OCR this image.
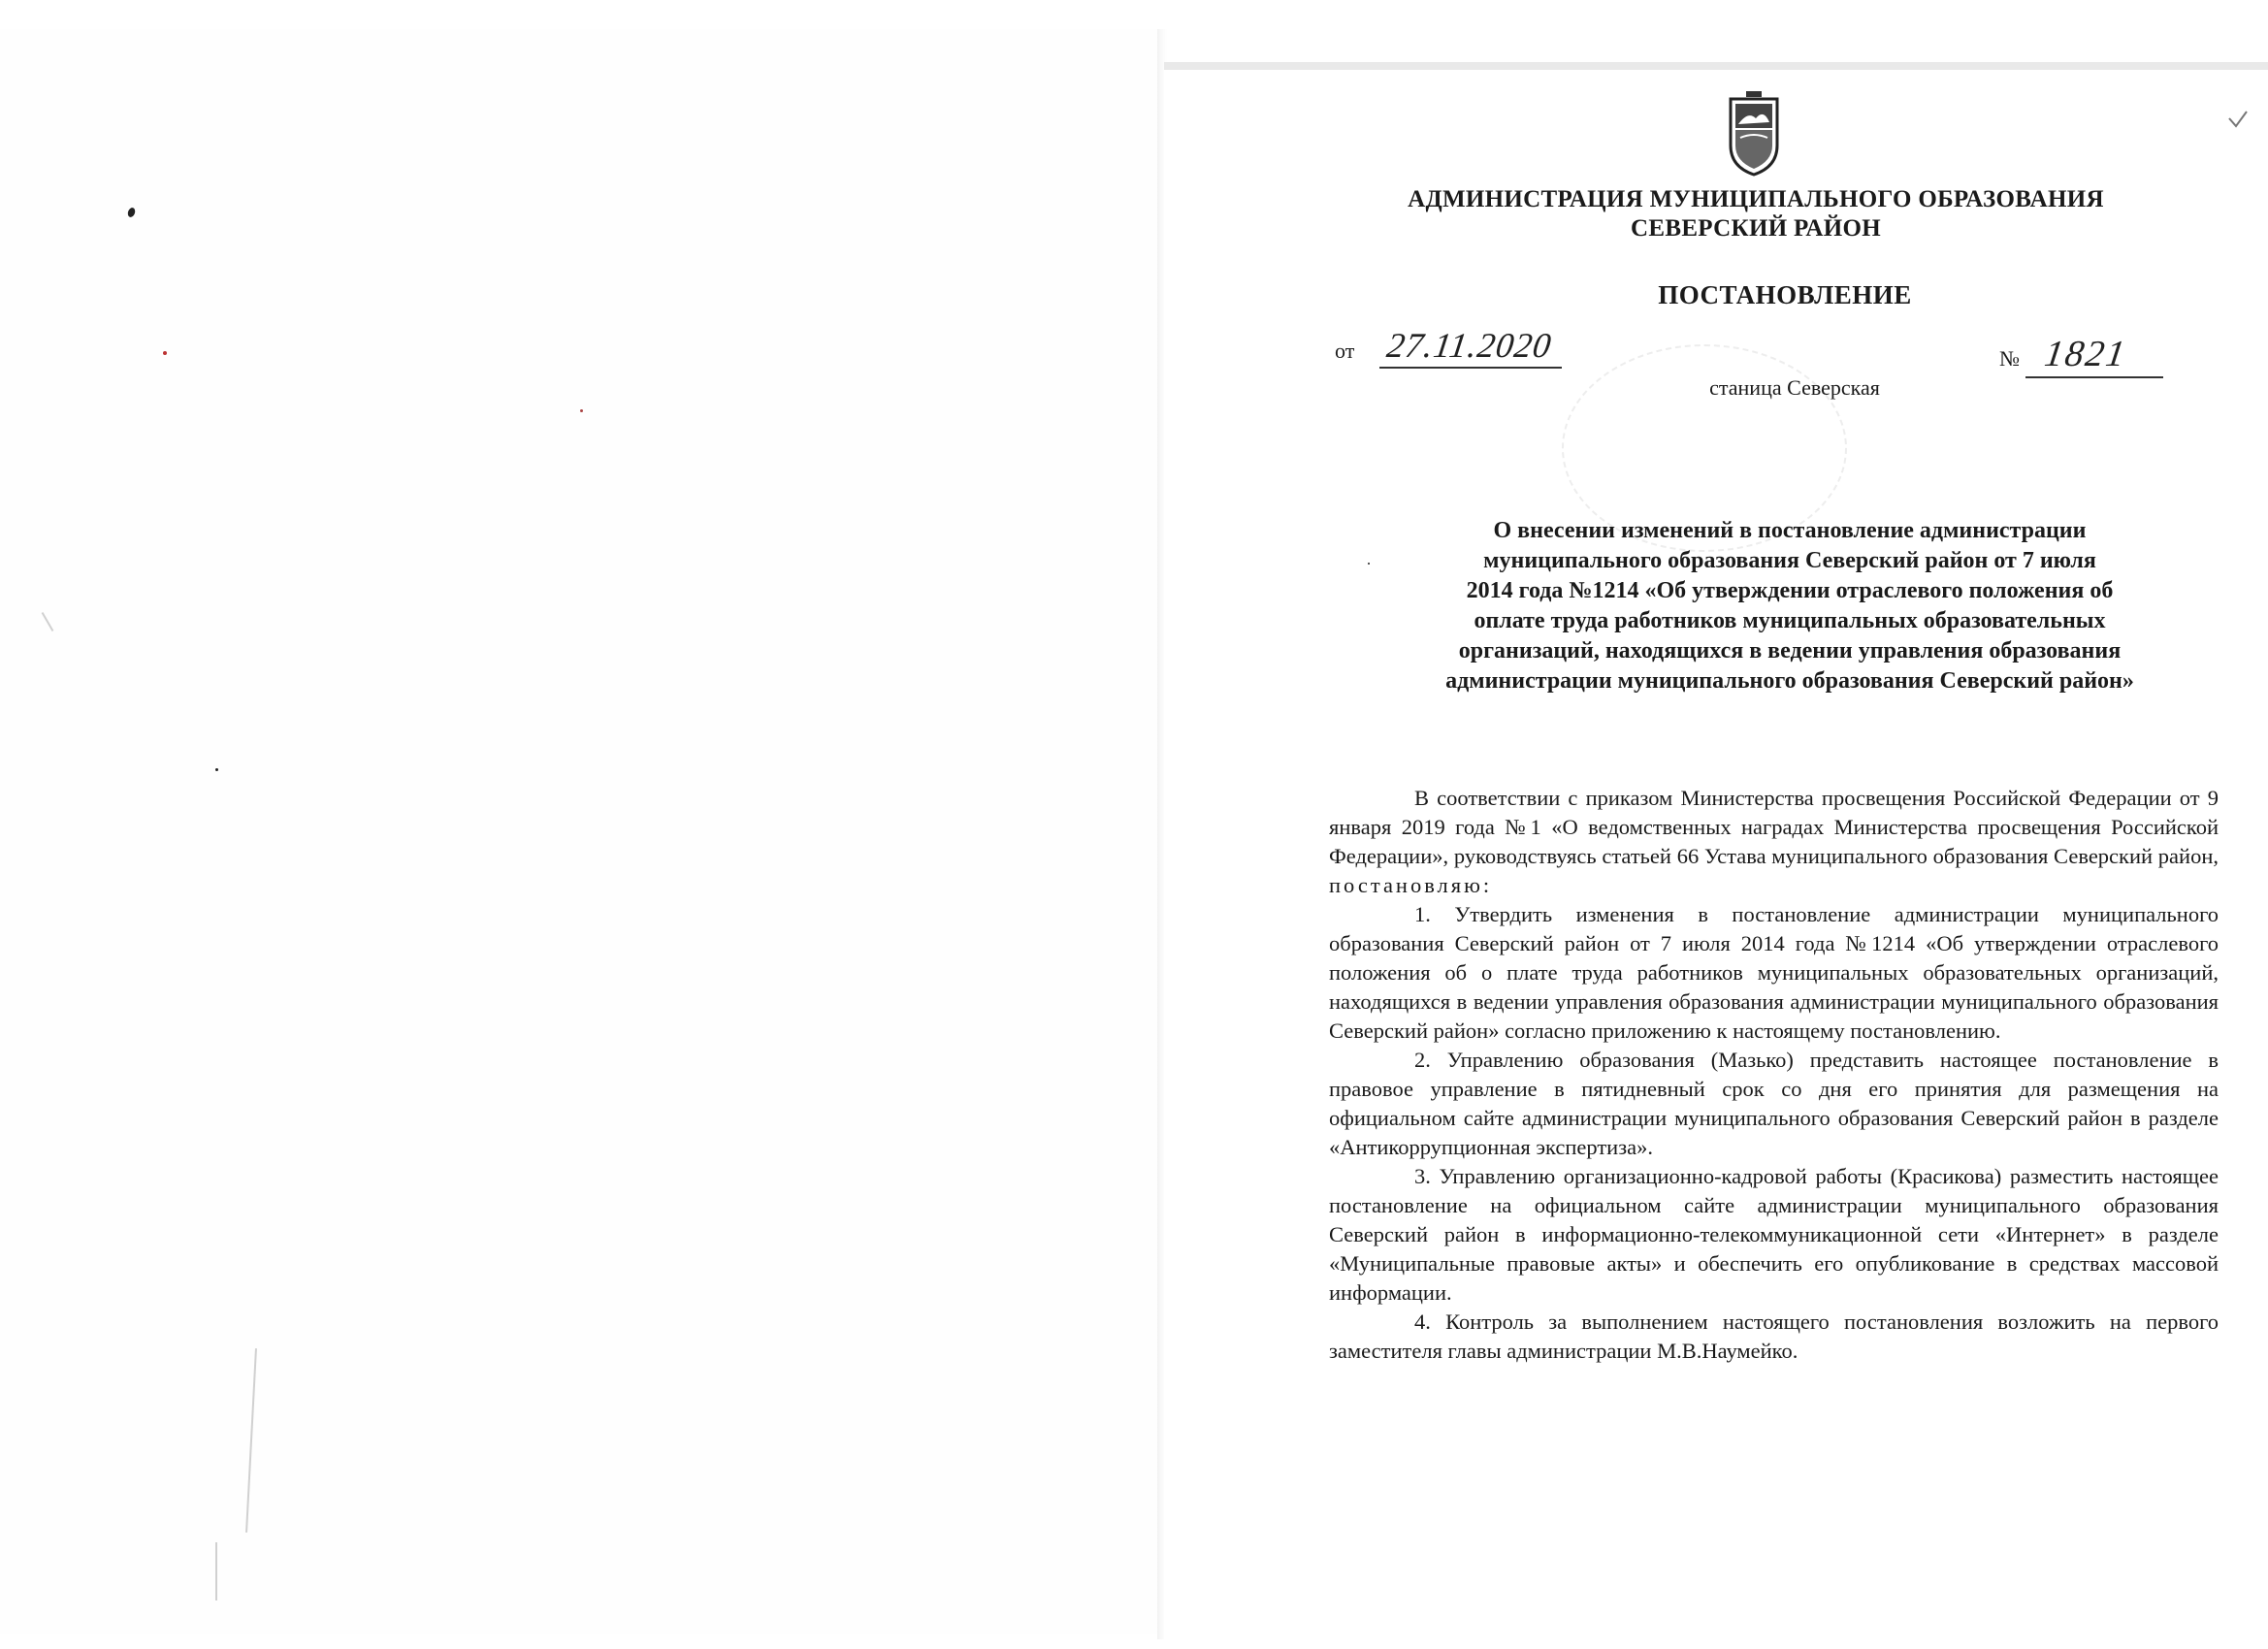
АДМИНИСТРАЦИЯ МУНИЦИПАЛЬНОГО ОБРАЗОВАНИЯ
СЕВЕРСКИЙ РАЙОН
ПОСТАНОВЛЕНИЕ
от 27.11.2020	№ 1821
станица Северская
О внесении изменений в постановление администрации
муниципального образования Северский район от 7 июля
2014 года №1214 «Об утверждении отраслевого положения об
оплате труда работников муниципальных образовательных
организаций, находящихся в ведении управления образования
администрации муниципального образования Северский район»

В соответствии с приказом Министерства просвещения Российской Федерации от 9 января 2019 года №1 «О ведомственных наградах Министерства просвещения Российской Федерации», руководствуясь статьей 66 Устава муниципального образования Северский район, постановляю:

1. Утвердить изменения в постановление администрации муниципального образования Северский район от 7 июля 2014 года №1214 «Об утверждении отраслевого положения об о плате труда работников муниципальных образовательных организаций, находящихся в ведении управления образования администрации муниципального образования Северский район» согласно приложению к настоящему постановлению.

2. Управлению образования (Мазько) представить настоящее постановление в правовое управление в пятидневный срок со дня его принятия для размещения на официальном сайте администрации муниципального образования Северский район в разделе «Антикоррупционная экспертиза».

3. Управлению организационно-кадровой работы (Красикова) разместить настоящее постановление на официальном сайте администрации муниципального образования Северский район в информационно-телекоммуникационной сети «Интернет» в разделе «Муниципальные правовые акты» и обеспечить его опубликование в средствах массовой информации.

4. Контроль за выполнением настоящего постановления возложить на первого заместителя главы администрации М.В.Наумейко.
